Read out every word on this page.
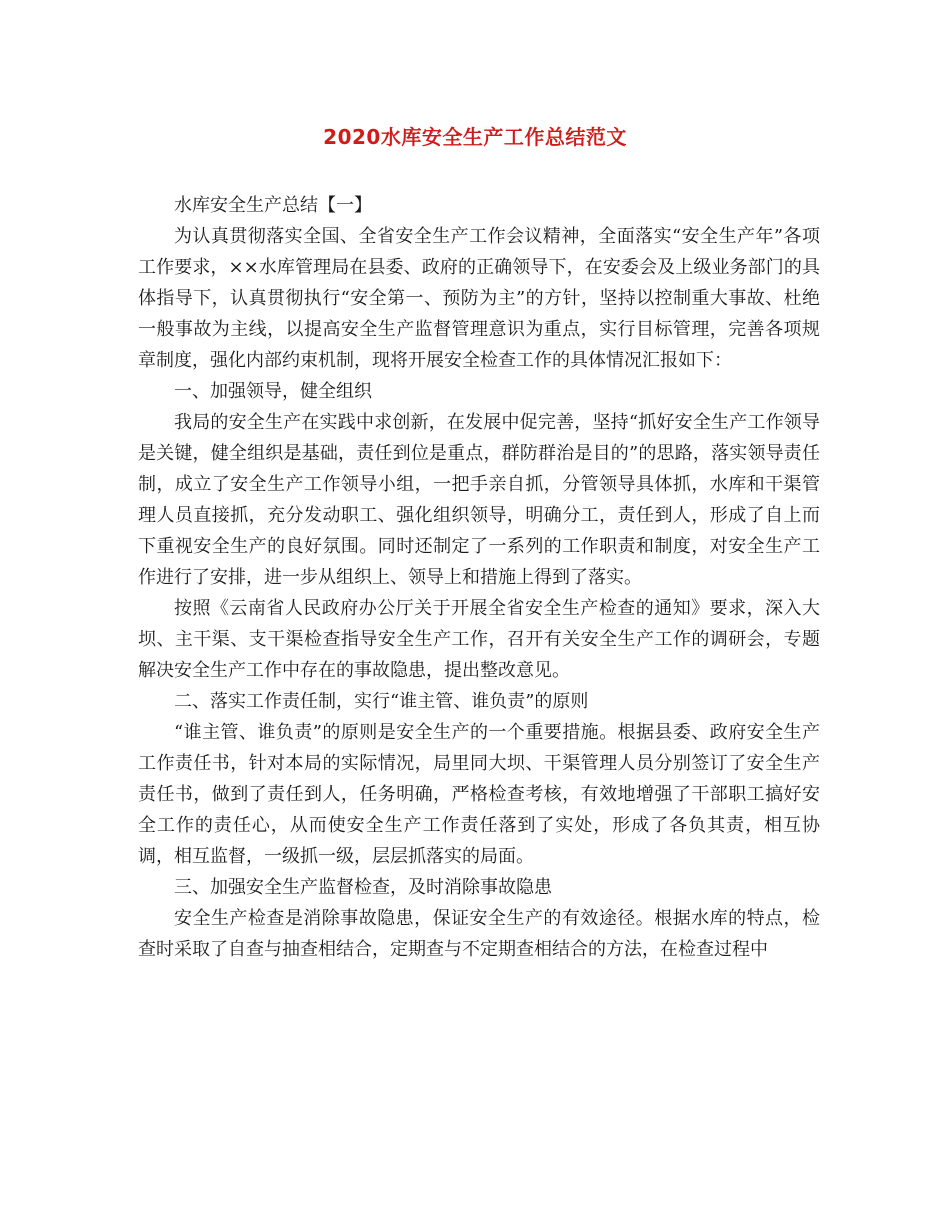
2020水库安全生产工作总结范文

水库安全生产总结【一】

为认真贯彻落实全国、全省安全生产工作会议精神，全面落实“安全生产年”各项工作要求，××水库管理局在县委、政府的正确领导下，在安委会及上级业务部门的具体指导下，认真贯彻执行“安全第一、预防为主”的方针，坚持以控制重大事故、杜绝一般事故为主线，以提高安全生产监督管理意识为重点，实行目标管理，完善各项规章制度，强化内部约束机制，现将开展安全检查工作的具体情况汇报如下：

一、加强领导，健全组织

我局的安全生产在实践中求创新，在发展中促完善，坚持“抓好安全生产工作领导是关键，健全组织是基础，责任到位是重点，群防群治是目的”的思路，落实领导责任制，成立了安全生产工作领导小组，一把手亲自抓，分管领导具体抓，水库和干渠管理人员直接抓，充分发动职工、强化组织领导，明确分工，责任到人，形成了自上而下重视安全生产的良好氛围。同时还制定了一系列的工作职责和制度，对安全生产工作进行了安排，进一步从组织上、领导上和措施上得到了落实。

按照《云南省人民政府办公厅关于开展全省安全生产检查的通知》要求，深入大坝、主干渠、支干渠检查指导安全生产工作，召开有关安全生产工作的调研会，专题解决安全生产工作中存在的事故隐患，提出整改意见。

二、落实工作责任制，实行“谁主管、谁负责”的原则

“谁主管、谁负责”的原则是安全生产的一个重要措施。根据县委、政府安全生产工作责任书，针对本局的实际情况，局里同大坝、干渠管理人员分别签订了安全生产责任书，做到了责任到人，任务明确，严格检查考核，有效地增强了干部职工搞好安全工作的责任心，从而使安全生产工作责任落到了实处，形成了各负其责，相互协调，相互监督，一级抓一级，层层抓落实的局面。

三、加强安全生产监督检查，及时消除事故隐患

安全生产检查是消除事故隐患，保证安全生产的有效途径。根据水库的特点，检查时采取了自查与抽查相结合，定期查与不定期查相结合的方法，在检查过程中
